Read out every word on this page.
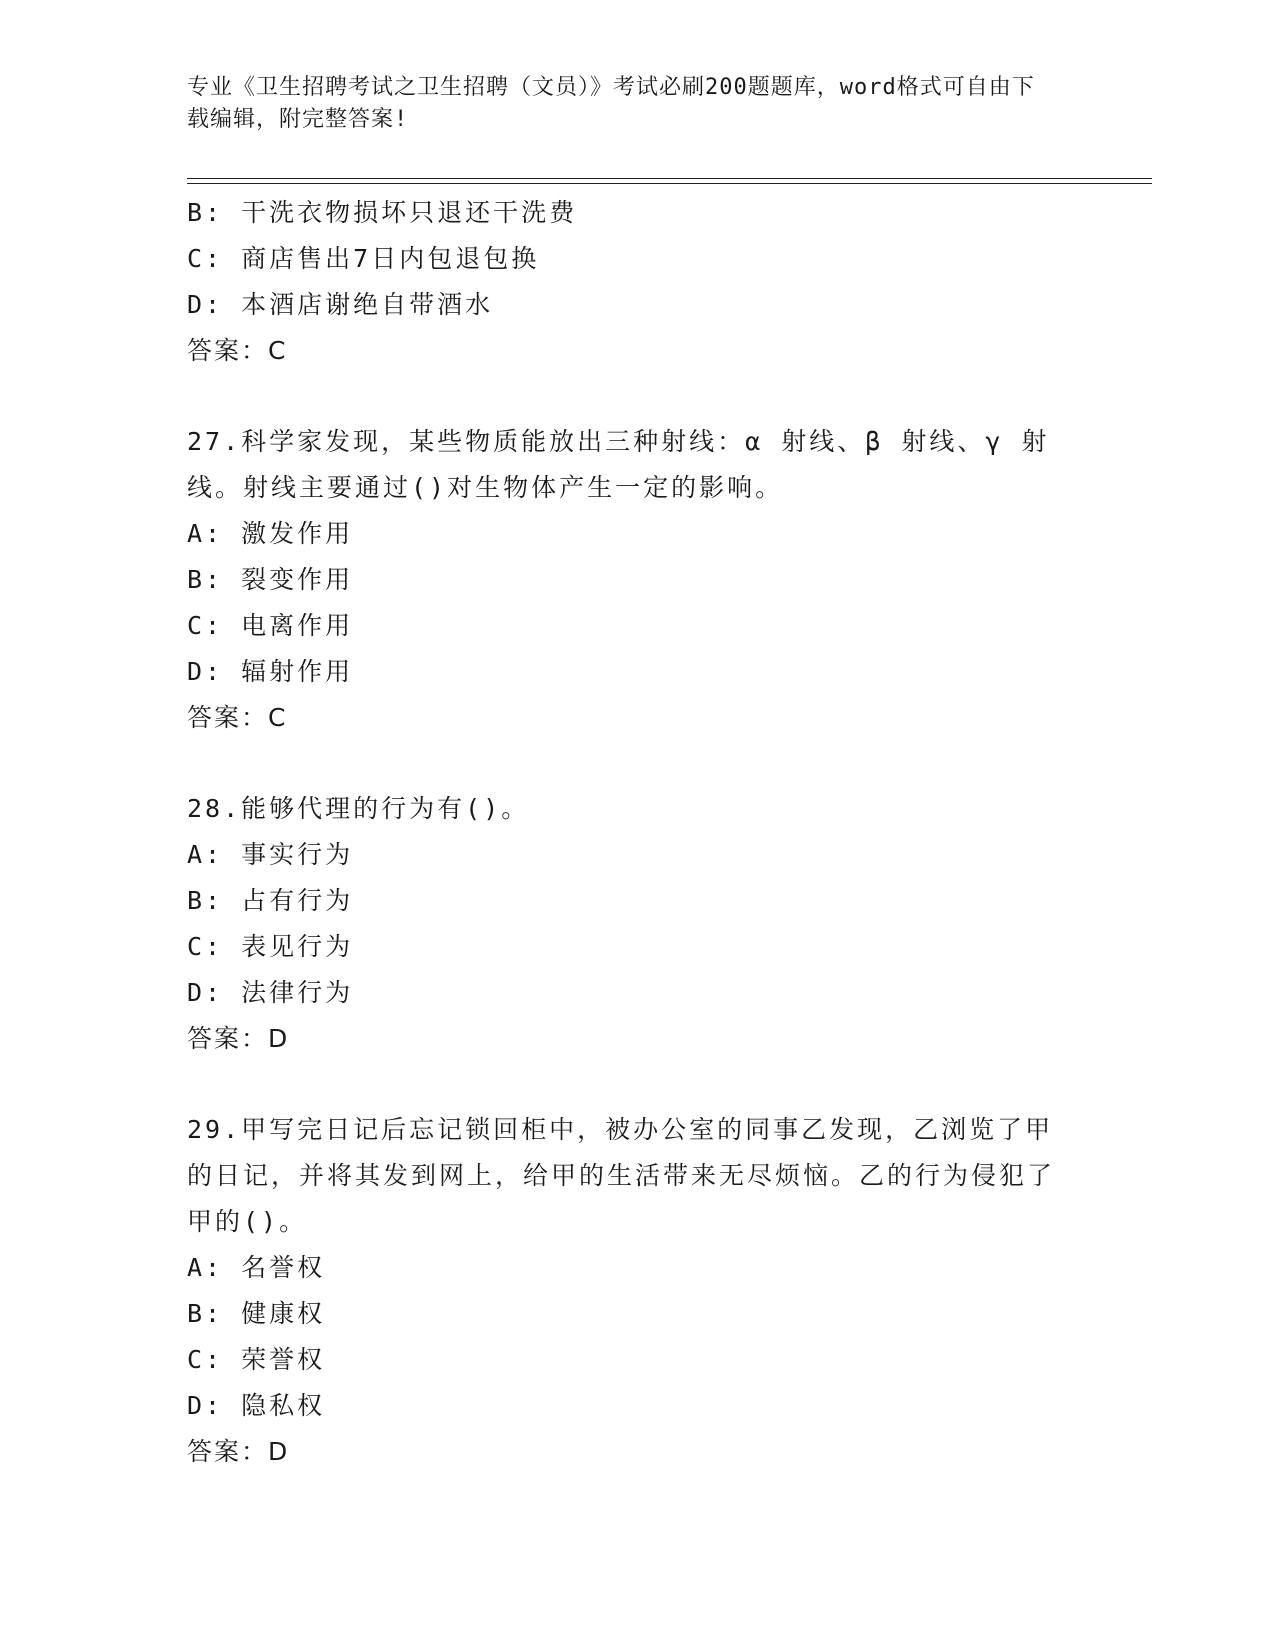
专业《卫生招聘考试之卫生招聘（文员）》考试必刷200题题库，word格式可自由下载编辑，附完整答案!
B: 干洗衣物损坏只退还干洗费
C: 商店售出7日内包退包换
D: 本酒店谢绝自带酒水
答案：C
27.科学家发现，某些物质能放出三种射线：α 射线、β 射线、γ 射线。射线主要通过()对生物体产生一定的影响。
A: 激发作用
B: 裂变作用
C: 电离作用
D: 辐射作用
答案：C
28.能够代理的行为有()。
A: 事实行为
B: 占有行为
C: 表见行为
D: 法律行为
答案：D
29.甲写完日记后忘记锁回柜中，被办公室的同事乙发现，乙浏览了甲的日记，并将其发到网上，给甲的生活带来无尽烦恼。乙的行为侵犯了甲的()。
A: 名誉权
B: 健康权
C: 荣誉权
D: 隐私权
答案：D
